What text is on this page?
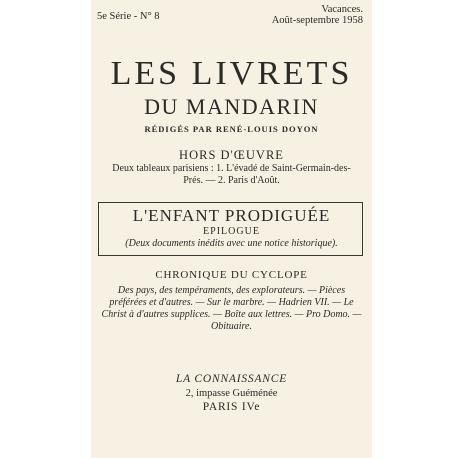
Vacances.
Août-septembre 1958
5e Série - N° 8
LES LIVRETS
DU MANDARIN
RÉDIGÉS PAR RENÉ-LOUIS DOYON
HORS D'ŒUVRE
Deux tableaux parisiens : 1. L'évadé de Saint-Germain-des-Prés. — 2. Paris d'Août.
L'ENFANT PRODIGUÉE
EPILOGUE
(Deux documents inédits avec une notice historique).
CHRONIQUE DU CYCLOPE
Des pays, des tempéraments, des explorateurs. — Pièces préférées et d'autres. — Sur le marbre. — Hadrien VII. — Le Christ à d'autres supplices. — Boîte aux lettres. — Pro Domo. — Obituaire.
LA CONNAISSANCE
2, impasse Guéménée
PARIS IVe
